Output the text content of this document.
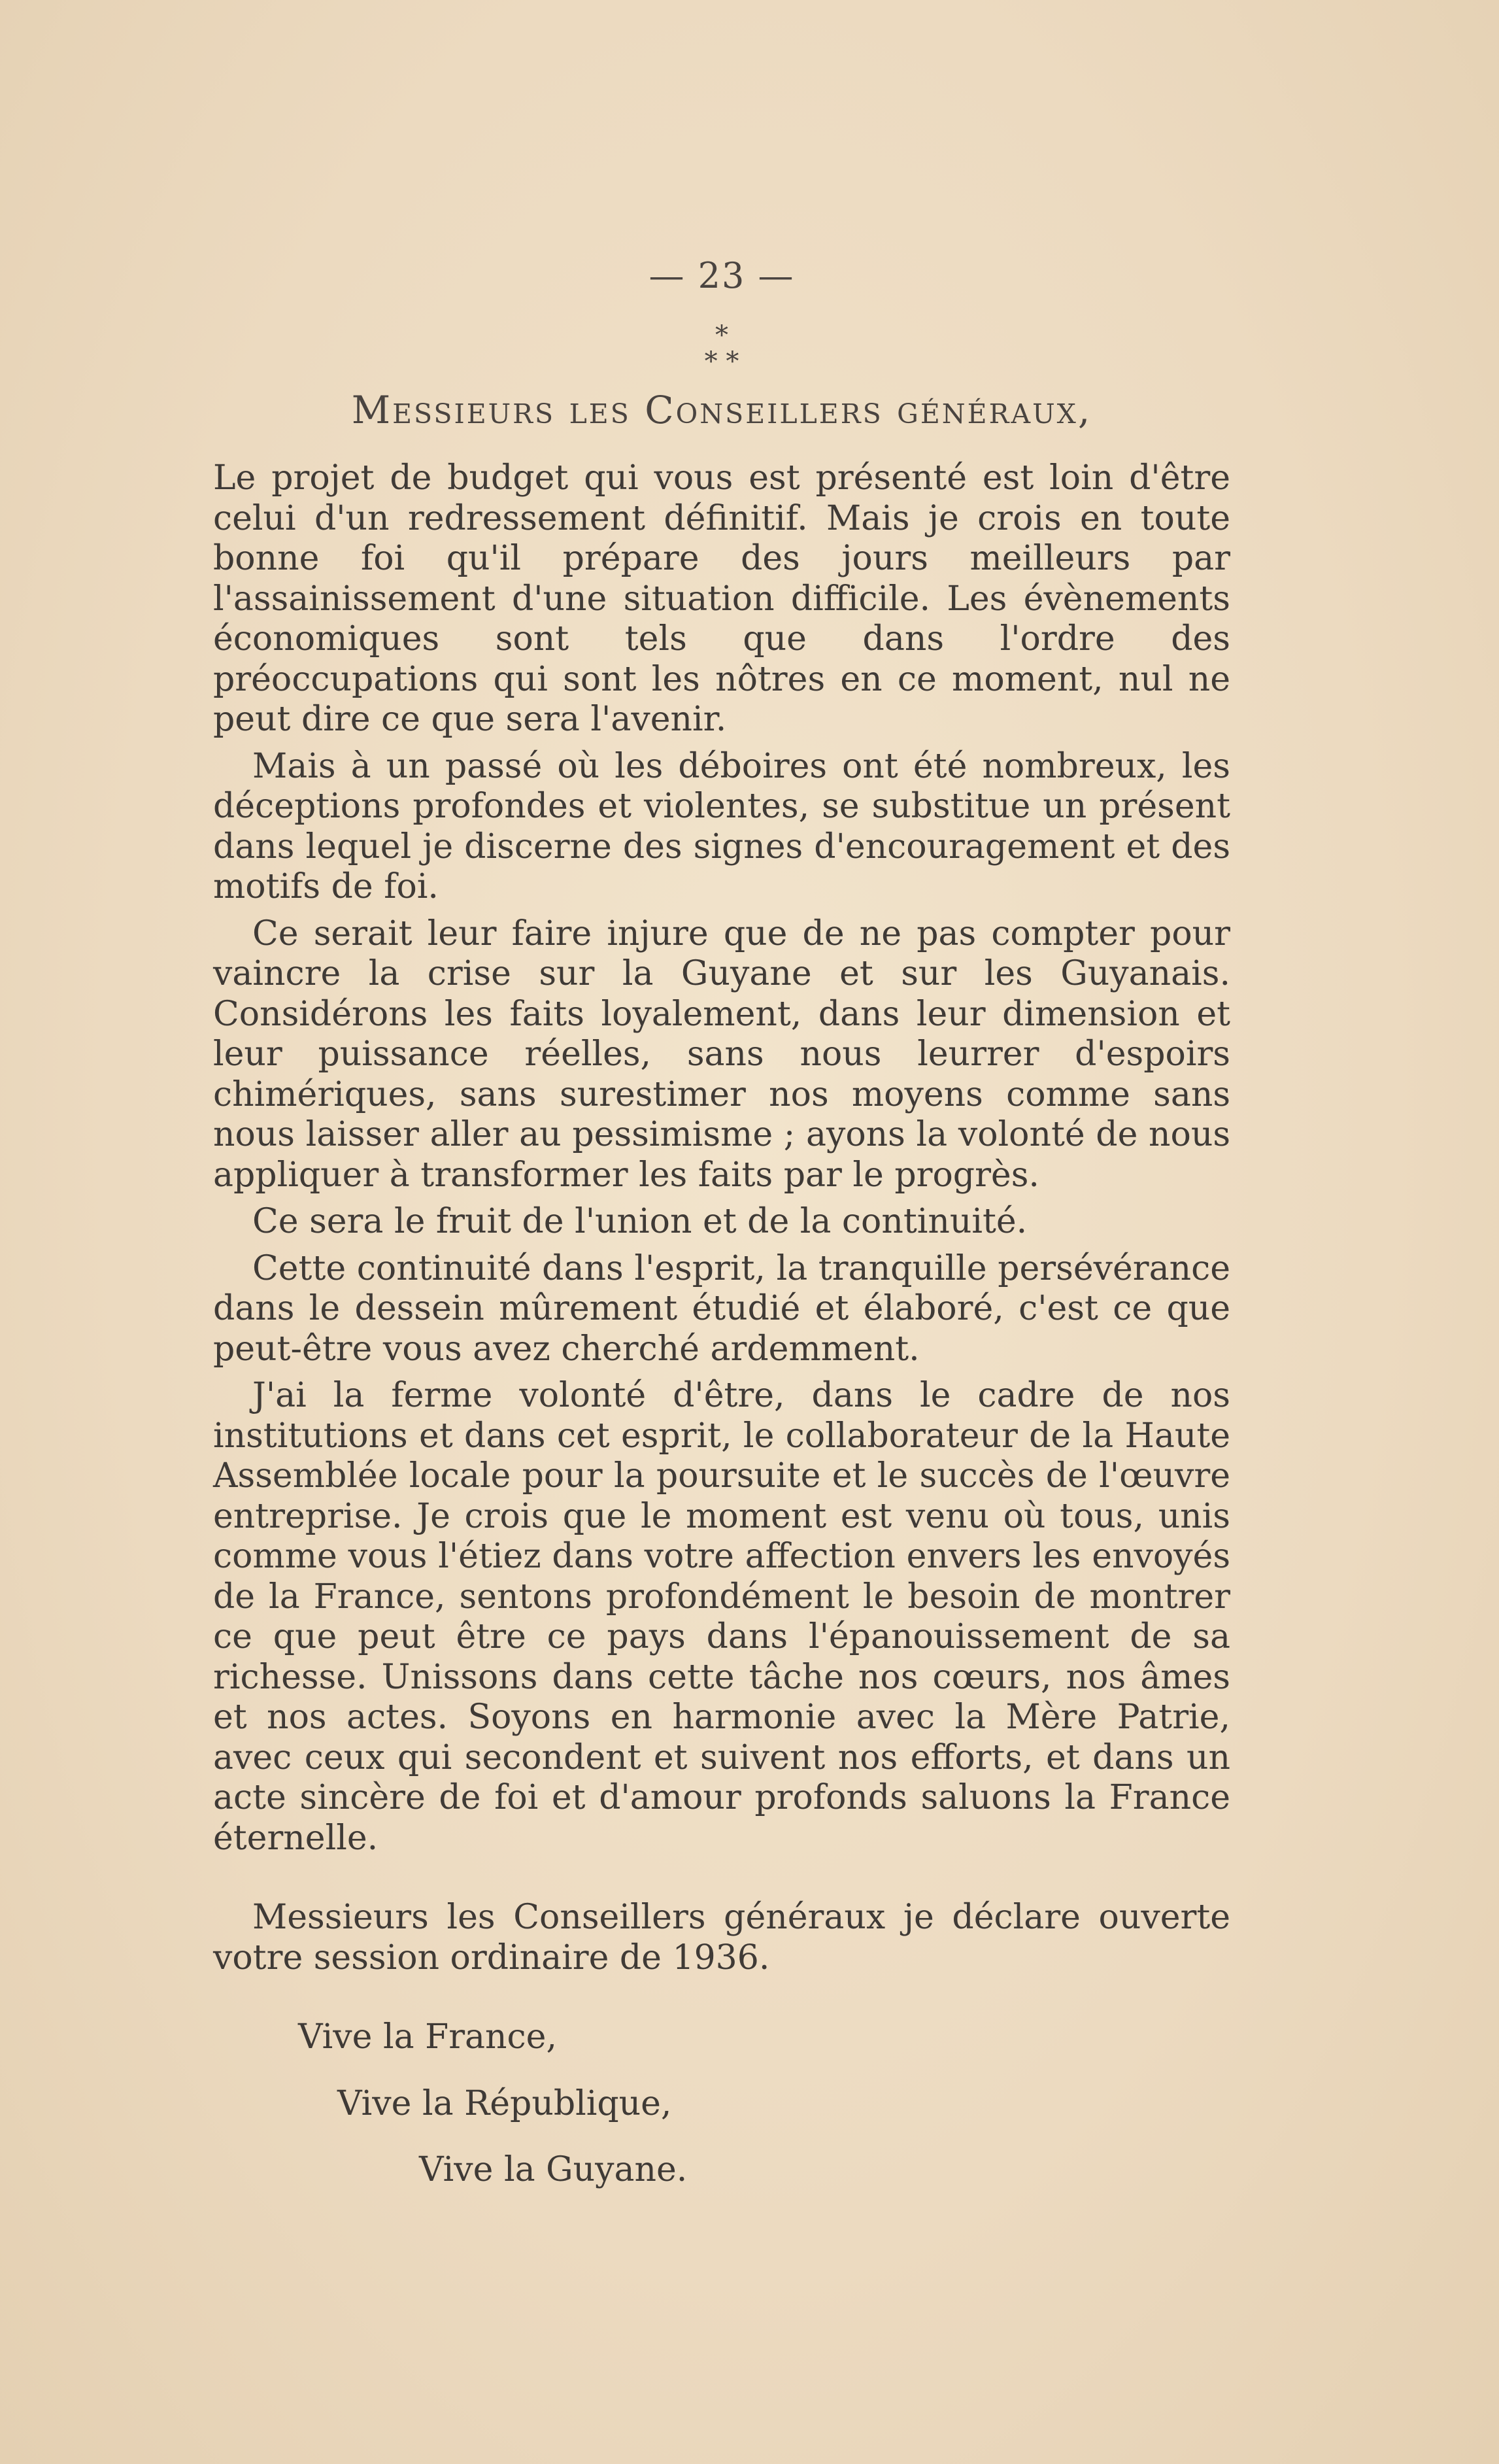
— 23 —
*
* *
Messieurs les Conseillers généraux,

Le projet de budget qui vous est présenté est loin d'être celui d'un redressement définitif. Mais je crois en toute bonne foi qu'il prépare des jours meilleurs par l'assainissement d'une situation difficile. Les évènements économiques sont tels que dans l'ordre des préoccupations qui sont les nôtres en ce moment, nul ne peut dire ce que sera l'avenir.

Mais à un passé où les déboires ont été nombreux, les déceptions profondes et violentes, se substitue un présent dans lequel je discerne des signes d'encouragement et des motifs de foi.

Ce serait leur faire injure que de ne pas compter pour vaincre la crise sur la Guyane et sur les Guyanais. Considérons les faits loyalement, dans leur dimension et leur puissance réelles, sans nous leurrer d'espoirs chimériques, sans surestimer nos moyens comme sans nous laisser aller au pessimisme ; ayons la volonté de nous appliquer à transformer les faits par le progrès.

Ce sera le fruit de l'union et de la continuité.

Cette continuité dans l'esprit, la tranquille persévérance dans le dessein mûrement étudié et élaboré, c'est ce que peut-être vous avez cherché ardemment.

J'ai la ferme volonté d'être, dans le cadre de nos institutions et dans cet esprit, le collaborateur de la Haute Assemblée locale pour la poursuite et le succès de l'œuvre entreprise. Je crois que le moment est venu où tous, unis comme vous l'étiez dans votre affection envers les envoyés de la France, sentons profondément le besoin de montrer ce que peut être ce pays dans l'épanouissement de sa richesse. Unissons dans cette tâche nos cœurs, nos âmes et nos actes. Soyons en harmonie avec la Mère Patrie, avec ceux qui secondent et suivent nos efforts, et dans un acte sincère de foi et d'amour profonds saluons la France éternelle.

Messieurs les Conseillers généraux je déclare ouverte votre session ordinaire de 1936.

Vive la France,
Vive la République,
Vive la Guyane.
